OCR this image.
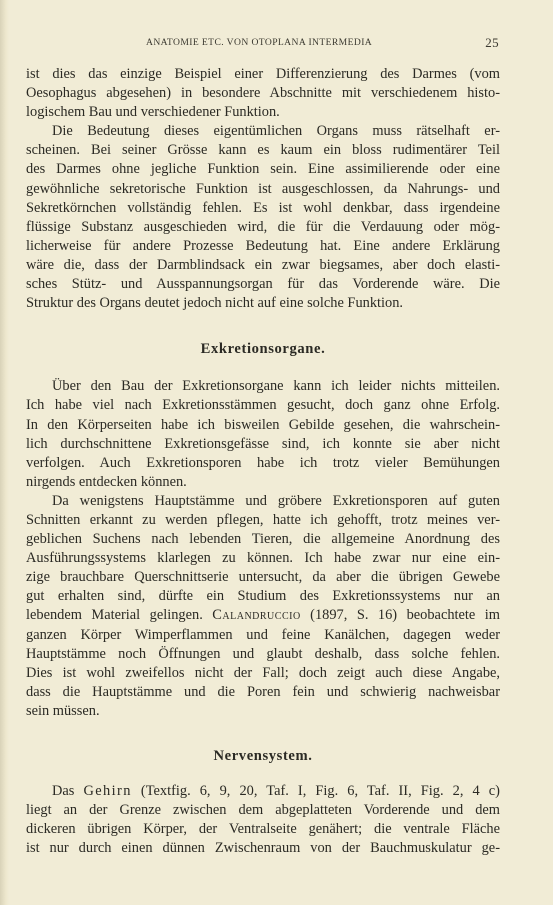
ANATOMIE ETC. VON OTOPLANA INTERMEDIA	25

ist dies das einzige Beispiel einer Differenzierung des Darmes (vom
Oesophagus abgesehen) in besondere Abschnitte mit verschiedenem histo-
logischem Bau und verschiedener Funktion.

Die Bedeutung dieses eigentümlichen Organs muss rätselhaft er-
scheinen. Bei seiner Grösse kann es kaum ein bloss rudimentärer Teil
des Darmes ohne jegliche Funktion sein. Eine assimilierende oder eine
gewöhnliche sekretorische Funktion ist ausgeschlossen, da Nahrungs- und
Sekretkörnchen vollständig fehlen. Es ist wohl denkbar, dass irgendeine
flüssige Substanz ausgeschieden wird, die für die Verdauung oder mög-
licherweise für andere Prozesse Bedeutung hat. Eine andere Erklärung
wäre die, dass der Darmblindsack ein zwar biegsames, aber doch elasti-
sches Stütz- und Ausspannungsorgan für das Vorderende wäre. Die
Struktur des Organs deutet jedoch nicht auf eine solche Funktion.

Exkretionsorgane.

Über den Bau der Exkretionsorgane kann ich leider nichts mitteilen.
Ich habe viel nach Exkretionsstämmen gesucht, doch ganz ohne Erfolg.
In den Körperseiten habe ich bisweilen Gebilde gesehen, die wahrschein-
lich durchschnittene Exkretionsgefässe sind, ich konnte sie aber nicht
verfolgen. Auch Exkretionsporen habe ich trotz vieler Bemühungen
nirgends entdecken können.

Da wenigstens Hauptstämme und gröbere Exkretionsporen auf guten
Schnitten erkannt zu werden pflegen, hatte ich gehofft, trotz meines ver-
geblichen Suchens nach lebenden Tieren, die allgemeine Anordnung des
Ausführungssystems klarlegen zu können. Ich habe zwar nur eine ein-
zige brauchbare Querschnittserie untersucht, da aber die übrigen Gewebe
gut erhalten sind, dürfte ein Studium des Exkretionssystems nur an
lebendem Material gelingen. Calandruccio (1897, S. 16) beobachtete im
ganzen Körper Wimperflammen und feine Kanälchen, dagegen weder
Hauptstämme noch Öffnungen und glaubt deshalb, dass solche fehlen.
Dies ist wohl zweifellos nicht der Fall; doch zeigt auch diese Angabe,
dass die Hauptstämme und die Poren fein und schwierig nachweisbar
sein müssen.

Nervensystem.

Das Gehirn (Textfig. 6, 9, 20, Taf. I, Fig. 6, Taf. II, Fig. 2, 4 c)
liegt an der Grenze zwischen dem abgeplatteten Vorderende und dem
dickeren übrigen Körper, der Ventralseite genähert; die ventrale Fläche
ist nur durch einen dünnen Zwischenraum von der Bauchmuskulatur ge-
